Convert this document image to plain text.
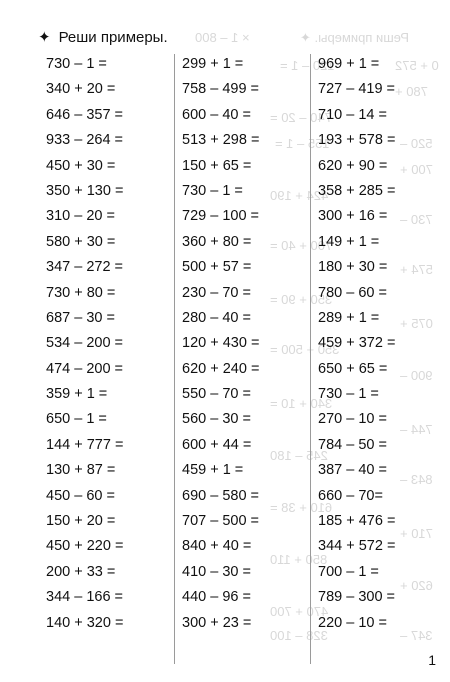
Реши примеры. ✦
× 1 – 800
0 + 572
120 – 1 =
780 +
740 – 20 =
520 –
155 – 1 =
700 +
424 + 190
730 –
700 + 40 =
574 +
350 + 90 =
075 +
350 + 500 =
900 –
340 + 10 =
744 –
245 – 180
843 –
610 + 38 =
710 +
850 + 110
620 +
470 + 700
347 –
328 – 100
✦ Реши примеры.
730 – 1 =
340 + 20 =
646 – 357 =
933 – 264 =
450 + 30 =
350 + 130 =
310 – 20 =
580 + 30 =
347 – 272 =
730 + 80 =
687 – 30 =
534 – 200 =
474 – 200 =
359 + 1 =
650 – 1 =
144 + 777 =
130 + 87 =
450 – 60 =
150 + 20 =
450 + 220 =
200 + 33 =
344 – 166 =
140 + 320 =
299 + 1 =
758 – 499 =
600 – 40 =
513 + 298 =
150 + 65 =
730 – 1 =
729 – 100 =
360 + 80 =
500 + 57 =
230 – 70 =
280 – 40 =
120 + 430 =
620 + 240 =
550 – 70 =
560 – 30 =
600 + 44 =
459 + 1 =
690 – 580 =
707 – 500 =
840 + 40 =
410 – 30 =
440 – 96 =
300 + 23 =
969 + 1 =
727 – 419 =
710 – 14 =
193 + 578 =
620 + 90 =
358 + 285 =
300 + 16 =
149 + 1 =
180 + 30 =
780 – 60 =
289 + 1 =
459 + 372 =
650 + 65 =
730 – 1 =
270 – 10 =
784 – 50 =
387 – 40 =
660 – 70=
185 + 476 =
344 + 572 =
700 – 1 =
789 – 300 =
220 – 10 =
1
